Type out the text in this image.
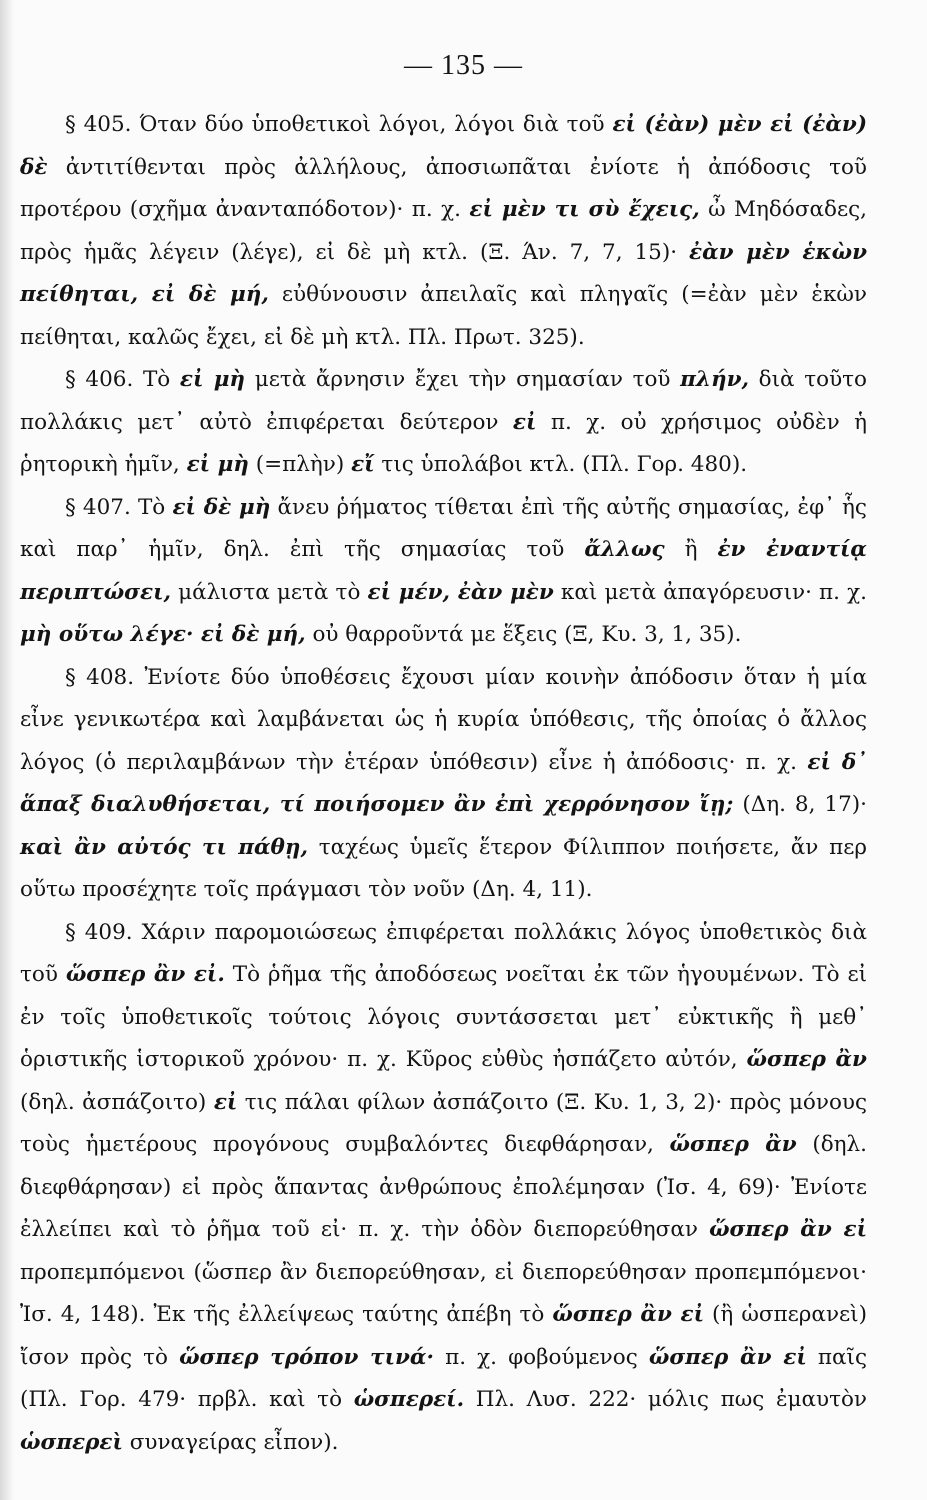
— 135 —

§ 405. Όταν δύο ὑποθετικοὶ λόγοι, λόγοι διὰ τοῦ εἰ (ἐὰν) μὲν εἰ (ἐὰν) δὲ ἀντιτίθενται πρὸς ἀλλήλους, ἀποσιωπᾶται ἐνίοτε ἡ ἀπόδοσις τοῦ προτέρου (σχῆμα ἀνανταπόδοτον)· π. χ. εἰ μὲν τι σὺ ἔχεις, ὦ Μηδόσαδες, πρὸς ἡμᾶς λέγειν (λέγε), εἰ δὲ μὴ κτλ. (Ξ. Άν. 7, 7, 15)· ἐὰν μὲν ἑκὼν πείθηται, εἰ δὲ μή, εὐθύνουσιν ἀπειλαῖς καὶ πληγαῖς (=ἐὰν μὲν ἑκὼν πείθηται, καλῶς ἔχει, εἰ δὲ μὴ κτλ. Πλ. Πρωτ. 325).

§ 406. Τὸ εἰ μὴ μετὰ ἄρνησιν ἔχει τὴν σημασίαν τοῦ πλήν, διὰ τοῦτο πολλάκις μετ᾽ αὐτὸ ἐπιφέρεται δεύτερον εἰ π. χ. οὐ χρήσιμος οὐδὲν ἡ ῥητορικὴ ἡμῖν, εἰ μὴ (=πλὴν) εἴ τις ὑπολάβοι κτλ. (Πλ. Γορ. 480).

§ 407. Τὸ εἰ δὲ μὴ ἄνευ ῥήματος τίθεται ἐπὶ τῆς αὐτῆς σημασίας, ἐφ᾽ ἧς καὶ παρ᾽ ἡμῖν, δηλ. ἐπὶ τῆς σημασίας τοῦ ἄλλως ἢ ἐν ἐναντίᾳ περιπτώσει, μάλιστα μετὰ τὸ εἰ μέν, ἐὰν μὲν καὶ μετὰ ἀπαγόρευσιν· π. χ. μὴ οὕτω λέγε· εἰ δὲ μή, οὐ θαρροῦντά με ἕξεις (Ξ, Κυ. 3, 1, 35).

§ 408. Ἐνίοτε δύο ὑποθέσεις ἔχουσι μίαν κοινὴν ἀπόδοσιν ὅταν ἡ μία εἶνε γενικωτέρα καὶ λαμβάνεται ὡς ἡ κυρία ὑπόθεσις, τῆς ὁποίας ὁ ἄλλος λόγος (ὁ περιλαμβάνων τὴν ἑτέραν ὑπόθεσιν) εἶνε ἡ ἀπόδοσις· π. χ. εἰ δ᾽ ἅπαξ διαλυθήσεται, τί ποιήσομεν ἂν ἐπὶ χερρόνησον ἴῃ; (Δη. 8, 17)· καὶ ἂν αὐτός τι πάθῃ, ταχέως ὑμεῖς ἕτερον Φίλιππον ποιήσετε, ἄν περ οὕτω προσέχητε τοῖς πράγμασι τὸν νοῦν (Δη. 4, 11).

§ 409. Χάριν παρομοιώσεως ἐπιφέρεται πολλάκις λόγος ὑποθετικὸς διὰ τοῦ ὥσπερ ἂν εἰ. Τὸ ῥῆμα τῆς ἀποδόσεως νοεῖται ἐκ τῶν ἡγουμένων. Τὸ εἰ ἐν τοῖς ὑποθετικοῖς τούτοις λόγοις συντάσσεται μετ᾽ εὐκτικῆς ἢ μεθ᾽ ὁριστικῆς ἱστορικοῦ χρόνου· π. χ. Κῦρος εὐθὺς ἠσπάζετο αὐτόν, ὥσπερ ἂν (δηλ. ἀσπάζοιτο) εἰ τις πάλαι φίλων ἀσπάζοιτο (Ξ. Κυ. 1, 3, 2)· πρὸς μόνους τοὺς ἡμετέρους προγόνους συμβαλόντες διεφθάρησαν, ὥσπερ ἂν (δηλ. διεφθάρησαν) εἰ πρὸς ἅπαντας ἀνθρώπους ἐπολέμησαν (Ἰσ. 4, 69)· Ἐνίοτε ἐλλείπει καὶ τὸ ῥῆμα τοῦ εἰ· π. χ. τὴν ὁδὸν διεπορεύθησαν ὥσπερ ἂν εἰ προπεμπόμενοι (ὥσπερ ἂν διεπορεύθησαν, εἰ διεπορεύθησαν προπεμπόμενοι· Ἰσ. 4, 148). Ἐκ τῆς ἐλλείψεως ταύτης ἀπέβη τὸ ὥσπερ ἂν εἰ (ἢ ὡσπερανεὶ) ἴσον πρὸς τὸ ὥσπερ τρόπον τινά· π. χ. φοβούμενος ὥσπερ ἂν εἰ παῖς (Πλ. Γορ. 479· πρβλ. καὶ τὸ ὡσπερεί. Πλ. Λυσ. 222· μόλις πως ἐμαυτὸν ὡσπερεὶ συναγείρας εἶπον).
